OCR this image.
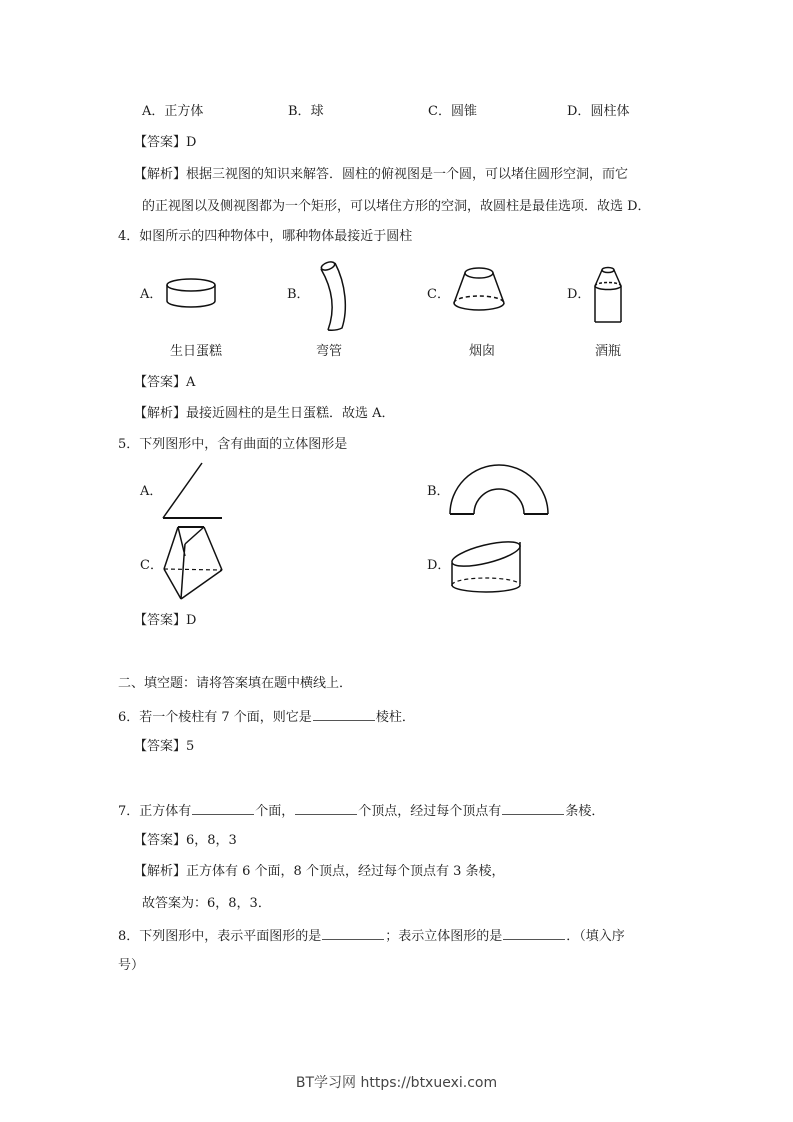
A．正方体	B．球	C．圆锥	D．圆柱体
【答案】D
【解析】根据三视图的知识来解答．圆柱的俯视图是一个圆，可以堵住圆形空洞，而它
的正视图以及侧视图都为一个矩形，可以堵住方形的空洞，故圆柱是最佳选项．故选 D．
4．如图所示的四种物体中，哪种物体最接近于圆柱
A．
生日蛋糕
B．
弯管
C．
烟囱
D．
酒瓶
【答案】A
【解析】最接近圆柱的是生日蛋糕．故选 A．
5．下列图形中，含有曲面的立体图形是
A．	B．
C．	D．
【答案】D
二、填空题：请将答案填在题中横线上．
6．若一个棱柱有 7 个面，则它是	棱柱．
【答案】5
7．正方体有	个面，	个顶点，经过每个顶点有	条棱．
【答案】6，8，3
【解析】正方体有 6 个面，8 个顶点，经过每个顶点有 3 条棱，
故答案为：6，8，3．
8．下列图形中，表示平面图形的是	；表示立体图形的是	．（填入序
号）
BT学习网 https://btxuexi.com
